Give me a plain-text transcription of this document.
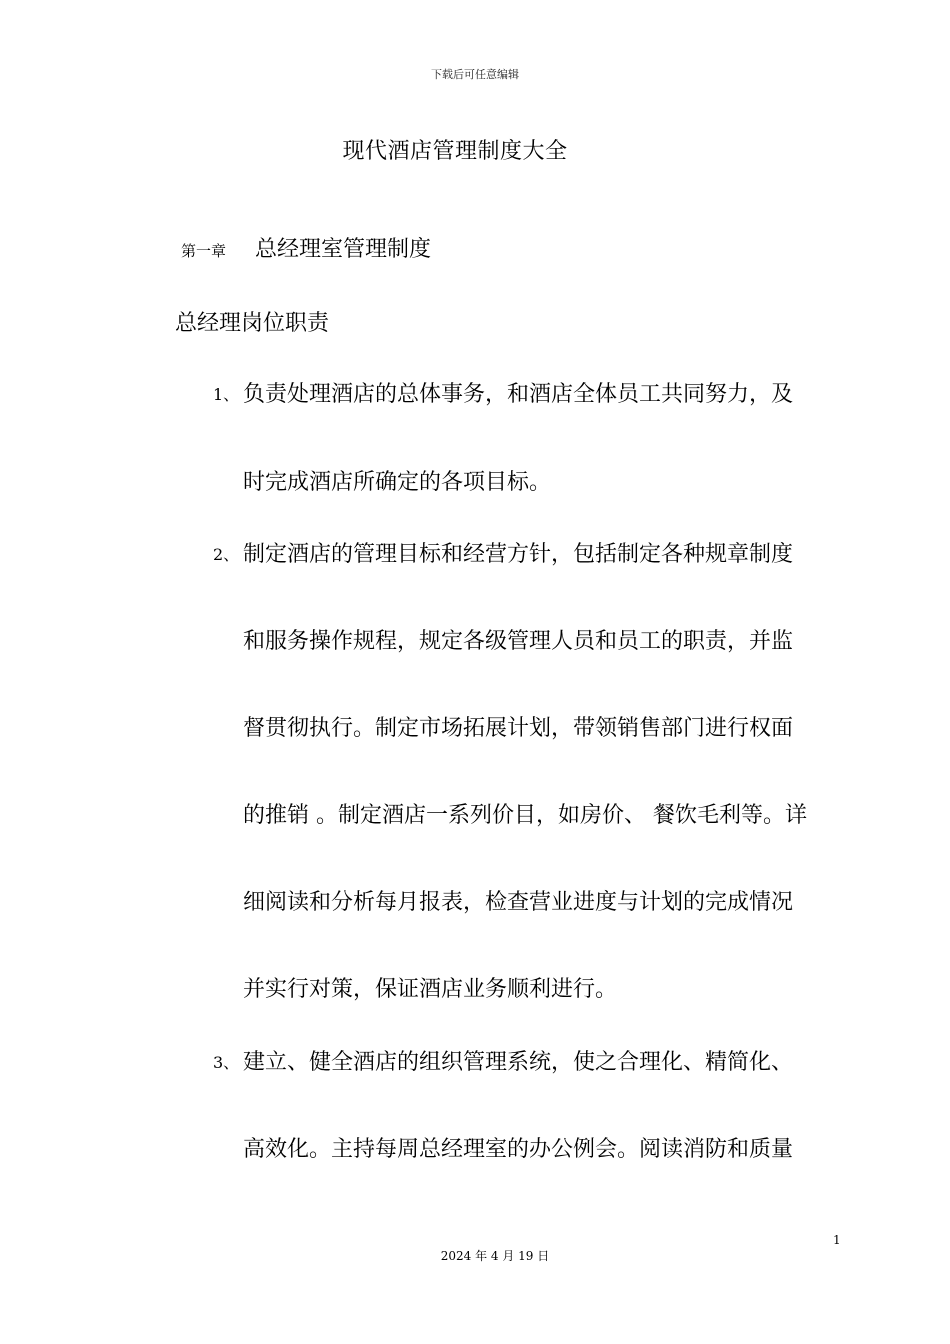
下载后可任意编辑
现代酒店管理制度大全
第一章 总经理室管理制度
总经理岗位职责
1、 负责处理酒店的总体事务，和酒店全体员工共同努力，及
时完成酒店所确定的各项目标。
2、 制定酒店的管理目标和经营方针，包括制定各种规章制度
和服务操作规程，规定各级管理人员和员工的职责，并监
督贯彻执行。制定市场拓展计划，带领销售部门进行权面
的推销 。制定酒店一系列价目，如房价、 餐饮毛利等。详
细阅读和分析每月报表，检查营业进度与计划的完成情况
并实行对策，保证酒店业务顺利进行。
3、 建立、健全酒店的组织管理系统，使之合理化、精简化、
高效化。主持每周总经理室的办公例会。阅读消防和质量
1
2024 年 4 月 19 日
